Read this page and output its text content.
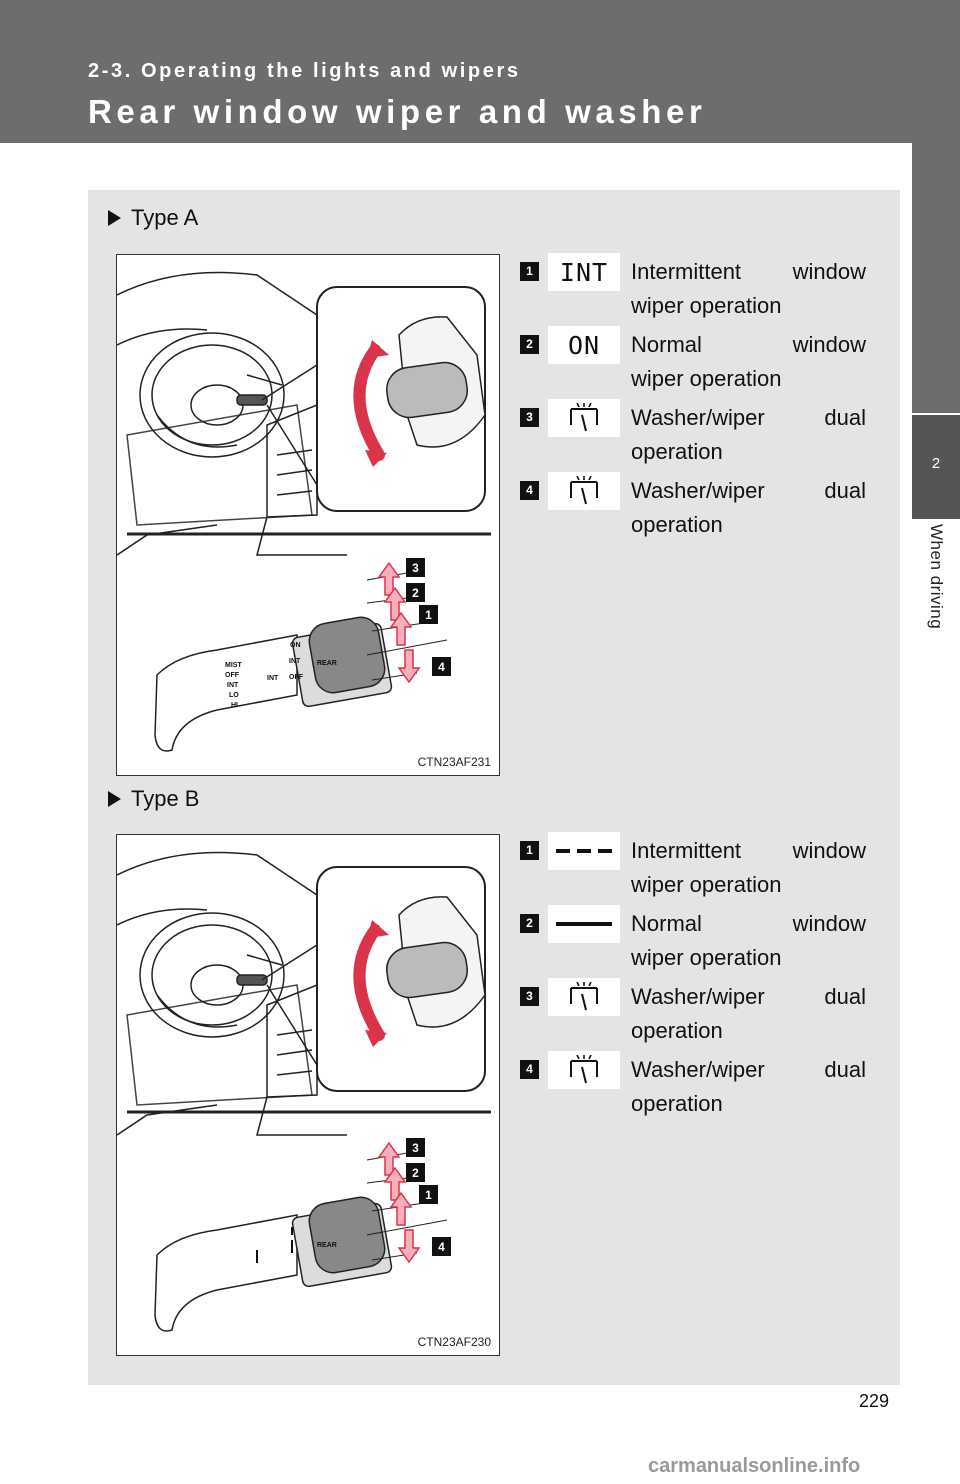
2-3. Operating the lights and wipers
Rear window wiper and washer
2
When driving
Type A
ON
INT
OFF
REAR
INT
MIST
OFF
INT
LO
HI
3
2
1
4
CTN23AF231
1	INT	Intermittent window
wiper operation
2	ON	Normal window
wiper operation
3	Washer/wiper dual
operation
4	Washer/wiper dual
operation
Type B
REAR
3
2
1
4
CTN23AF230
1	Intermittent window
wiper operation
2	Normal window
wiper operation
3	Washer/wiper dual
operation
4	Washer/wiper dual
operation
229
carmanualsonline.info
